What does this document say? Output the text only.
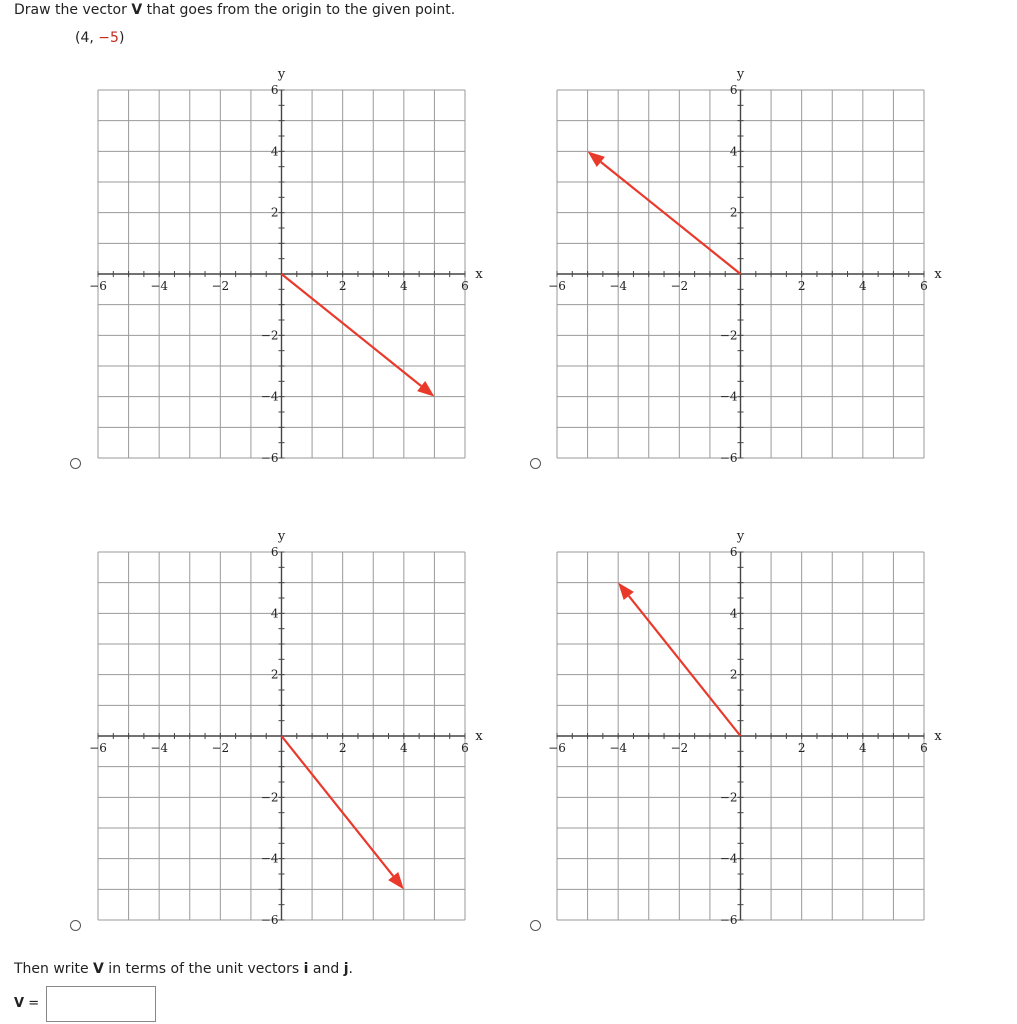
Draw the vector V that goes from the origin to the given point.
(4, −5)
−6	−4	−2	2	4	6
6
4
2
−2
−4
−6
x
y
−6	−4	−2	2	4	6
6
4
2
−2
−4
−6
x
y
−6	−4	−2	2	4	6
6
4
2
−2
−4
−6
x
y
−6	−4	−2	2	4	6
6
4
2
−2
−4
−6
x
y
Then write V in terms of the unit vectors i and j.
V =
